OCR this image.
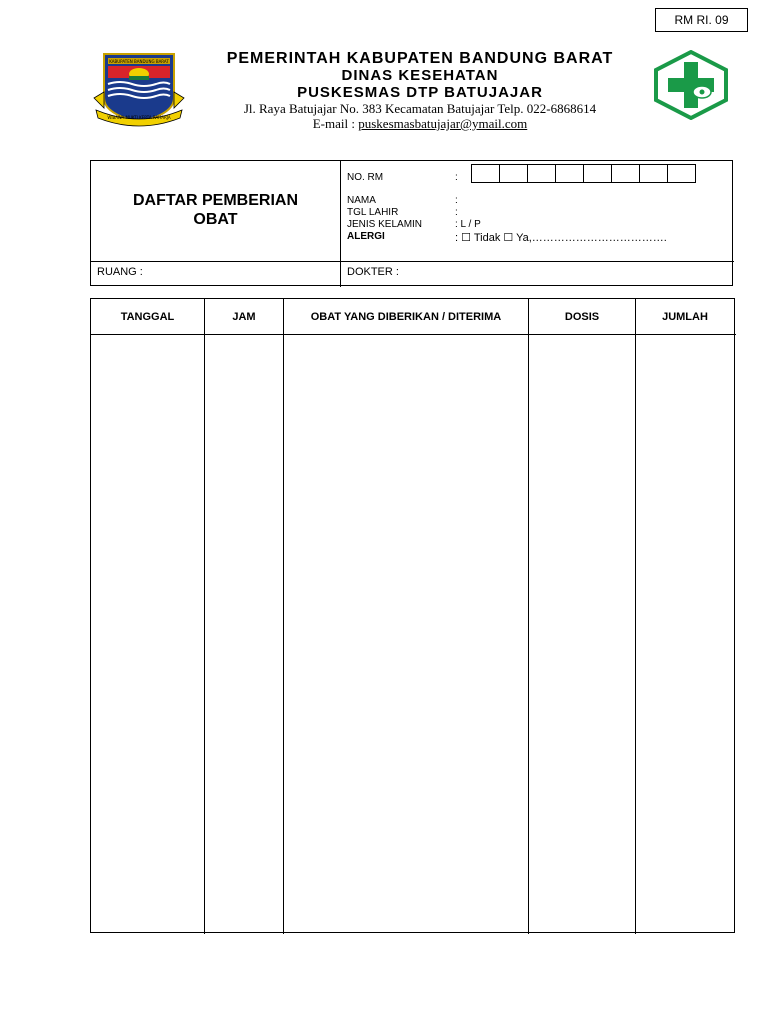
RM RI. 09
KABUPATEN BANDUNG BARAT
WIBAWA MUKTI KERTA RAHARJA
PEMERINTAH KABUPATEN BANDUNG BARAT
DINAS KESEHATAN
PUSKESMAS DTP BATUJAJAR
Jl. Raya Batujajar No. 383 Kecamatan Batujajar Telp. 022-6868614
E-mail : puskesmasbatujajar@ymail.com
DAFTAR PEMBERIAN
OBAT
NO. RM	:
NAMA	:
TGL LAHIR	:
JENIS KELAMIN	: L / P
ALERGI	: ☐ Tidak ☐ Ya,……………………………….
RUANG :	DOKTER :
TANGGAL	JAM	OBAT YANG DIBERIKAN / DITERIMA	DOSIS	JUMLAH
